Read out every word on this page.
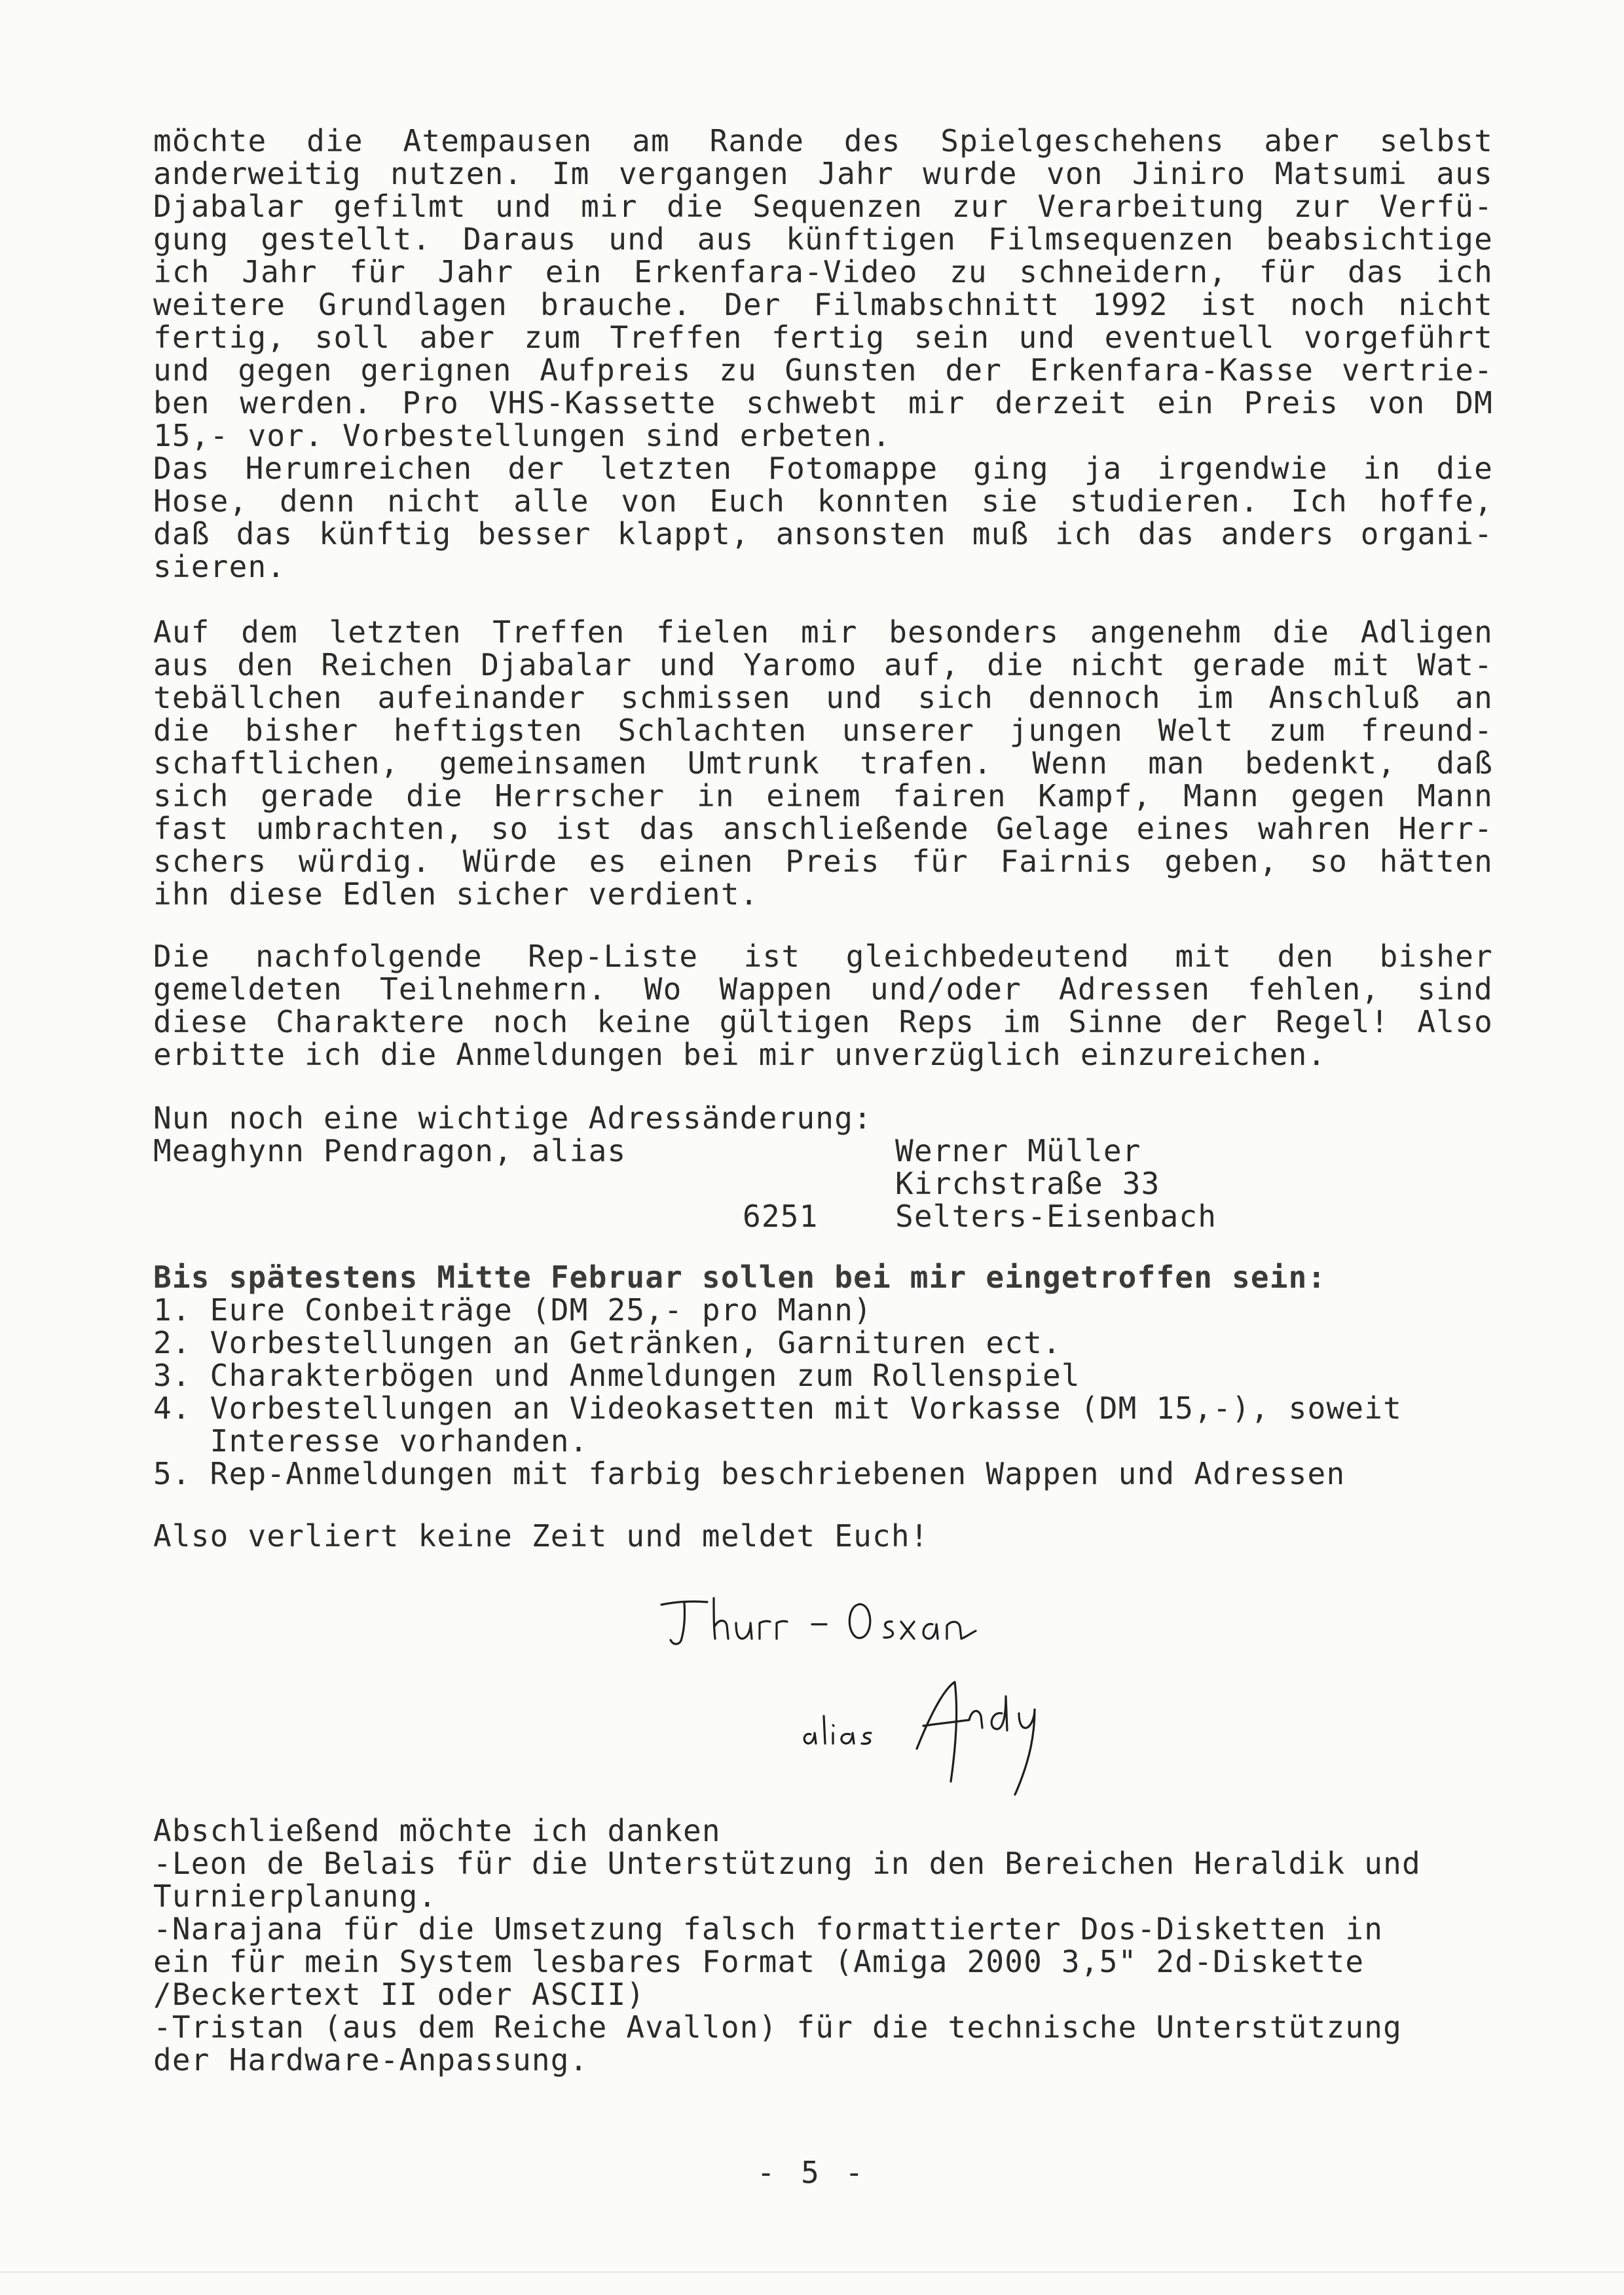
möchte die Atempausen am Rande des Spielgeschehens aber selbst
anderweitig nutzen. Im vergangen Jahr wurde von Jiniro Matsumi aus
Djabalar gefilmt und mir die Sequenzen zur Verarbeitung zur Verfü-
gung gestellt. Daraus und aus künftigen Filmsequenzen beabsichtige
ich Jahr für Jahr ein Erkenfara-Video zu schneidern, für das ich
weitere Grundlagen brauche. Der Filmabschnitt 1992 ist noch nicht
fertig, soll aber zum Treffen fertig sein und eventuell vorgeführt
und gegen gerignen Aufpreis zu Gunsten der Erkenfara-Kasse vertrie-
ben werden. Pro VHS-Kassette schwebt mir derzeit ein Preis von DM
15,- vor. Vorbestellungen sind erbeten.
Das Herumreichen der letzten Fotomappe ging ja irgendwie in die
Hose, denn nicht alle von Euch konnten sie studieren. Ich hoffe,
daß das künftig besser klappt, ansonsten muß ich das anders organi-
sieren.
Auf dem letzten Treffen fielen mir besonders angenehm die Adligen
aus den Reichen Djabalar und Yaromo auf, die nicht gerade mit Wat-
tebällchen aufeinander schmissen und sich dennoch im Anschluß an
die bisher heftigsten Schlachten unserer jungen Welt zum freund-
schaftlichen, gemeinsamen Umtrunk trafen. Wenn man bedenkt, daß
sich gerade die Herrscher in einem fairen Kampf, Mann gegen Mann
fast umbrachten, so ist das anschließende Gelage eines wahren Herr-
schers würdig. Würde es einen Preis für Fairnis geben, so hätten
ihn diese Edlen sicher verdient.
Die nachfolgende Rep-Liste ist gleichbedeutend mit den bisher
gemeldeten Teilnehmern. Wo Wappen und/oder Adressen fehlen, sind
diese Charaktere noch keine gültigen Reps im Sinne der Regel! Also
erbitte ich die Anmeldungen bei mir unverzüglich einzureichen.
Nun noch eine wichtige Adressänderung:
Meaghynn Pendragon, alias	Werner Müller
Kirchstraße 33
6251	Selters-Eisenbach
Bis spätestens Mitte Februar sollen bei mir eingetroffen sein:
1. Eure Conbeiträge (DM 25,- pro Mann)
2. Vorbestellungen an Getränken, Garnituren ect.
3. Charakterbögen und Anmeldungen zum Rollenspiel
4. Vorbestellungen an Videokasetten mit Vorkasse (DM 15,-), soweit
Interesse vorhanden.
5. Rep-Anmeldungen mit farbig beschriebenen Wappen und Adressen
Also verliert keine Zeit und meldet Euch!
Abschließend möchte ich danken
-Leon de Belais für die Unterstützung in den Bereichen Heraldik und
Turnierplanung.
-Narajana für die Umsetzung falsch formattierter Dos-Disketten in
ein für mein System lesbares Format (Amiga 2000 3,5" 2d-Diskette
/Beckertext II oder ASCII)
-Tristan (aus dem Reiche Avallon) für die technische Unterstützung
der Hardware-Anpassung.
- 5 -
